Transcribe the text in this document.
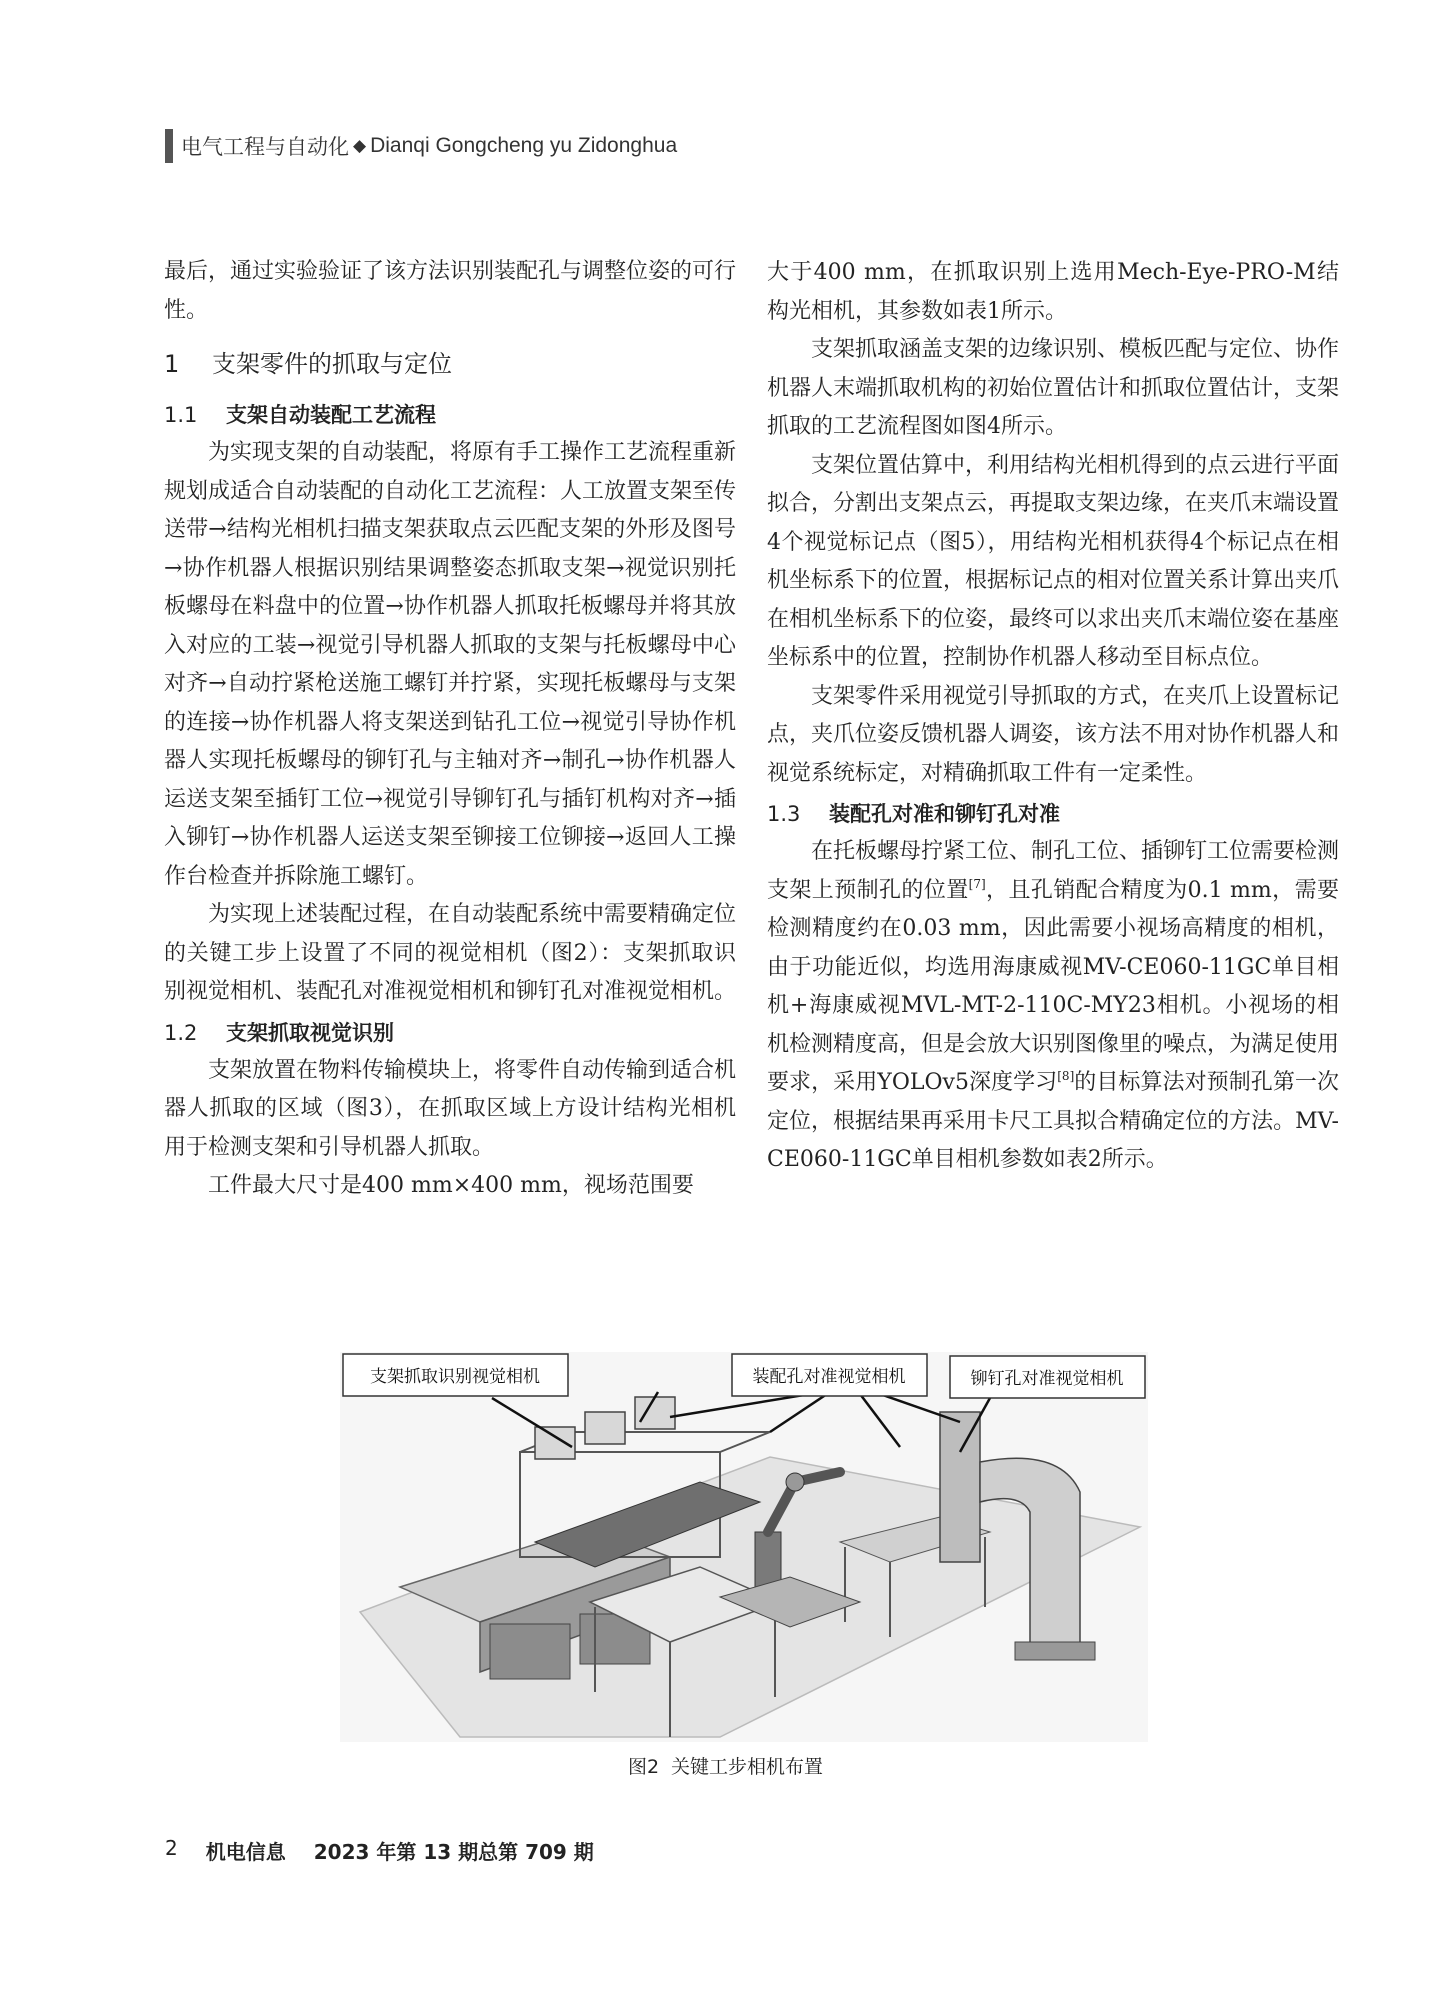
电气工程与自动化 ◆ Dianqi Gongcheng yu Zidonghua

最后，通过实验验证了该方法识别装配孔与调整位姿的可行性。

1 支架零件的抓取与定位
1.1 支架自动装配工艺流程

为实现支架的自动装配，将原有手工操作工艺流程重新规划成适合自动装配的自动化工艺流程：人工放置支架至传送带→结构光相机扫描支架获取点云匹配支架的外形及图号→协作机器人根据识别结果调整姿态抓取支架→视觉识别托板螺母在料盘中的位置→协作机器人抓取托板螺母并将其放入对应的工装→视觉引导机器人抓取的支架与托板螺母中心对齐→自动拧紧枪送施工螺钉并拧紧，实现托板螺母与支架的连接→协作机器人将支架送到钻孔工位→视觉引导协作机器人实现托板螺母的铆钉孔与主轴对齐→制孔→协作机器人运送支架至插钉工位→视觉引导铆钉孔与插钉机构对齐→插入铆钉→协作机器人运送支架至铆接工位铆接→返回人工操作台检查并拆除施工螺钉。

为实现上述装配过程，在自动装配系统中需要精确定位的关键工步上设置了不同的视觉相机（图2）：支架抓取识别视觉相机、装配孔对准视觉相机和铆钉孔对准视觉相机。

1.2 支架抓取视觉识别

支架放置在物料传输模块上，将零件自动传输到适合机器人抓取的区域（图3），在抓取区域上方设计结构光相机用于检测支架和引导机器人抓取。

工件最大尺寸是400 mm×400 mm，视场范围要

大于400 mm，在抓取识别上选用Mech-Eye-PRO-M结构光相机，其参数如表1所示。

支架抓取涵盖支架的边缘识别、模板匹配与定位、协作机器人末端抓取机构的初始位置估计和抓取位置估计，支架抓取的工艺流程图如图4所示。

支架位置估算中，利用结构光相机得到的点云进行平面拟合，分割出支架点云，再提取支架边缘，在夹爪末端设置4个视觉标记点（图5），用结构光相机获得4个标记点在相机坐标系下的位置，根据标记点的相对位置关系计算出夹爪在相机坐标系下的位姿，最终可以求出夹爪末端位姿在基座坐标系中的位置，控制协作机器人移动至目标点位。

支架零件采用视觉引导抓取的方式，在夹爪上设置标记点，夹爪位姿反馈机器人调姿，该方法不用对协作机器人和视觉系统标定，对精确抓取工件有一定柔性。

1.3 装配孔对准和铆钉孔对准

在托板螺母拧紧工位、制孔工位、插铆钉工位需要检测支架上预制孔的位置[7]，且孔销配合精度为0.1 mm，需要检测精度约在0.03 mm，因此需要小视场高精度的相机，由于功能近似，均选用海康威视MV-CE060-11GC单目相机+海康威视MVL-MT-2-110C-MY23相机。小视场的相机检测精度高，但是会放大识别图像里的噪点，为满足使用要求，采用YOLOv5深度学习[8]的目标算法对预制孔第一次定位，根据结果再采用卡尺工具拟合精确定位的方法。MV-CE060-11GC单目相机参数如表2所示。

支架抓取识别视觉相机	装配孔对准视觉相机	铆钉孔对准视觉相机
图2 关键工步相机布置
2 机电信息 2023 年第 13 期总第 709 期
